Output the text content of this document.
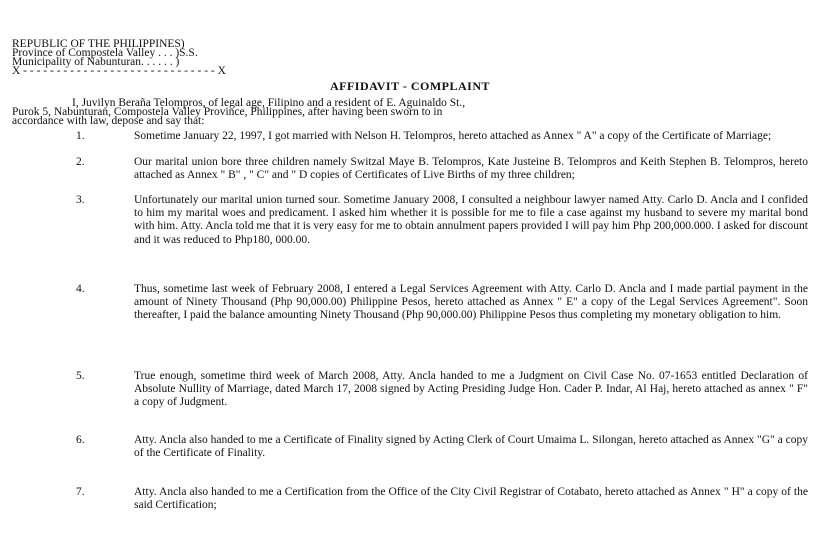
REPUBLIC OF THE PHILIPPINES)
Province of Compostela Valley . . . )S.S.
Municipality of Nabunturan. . . . . . )
X - - - - - - - - - - - - - - - - - - - - - - - - - - - - - X
AFFIDAVIT - COMPLAINT
I, Juvilyn Beraña Telompros, of legal age, Filipino and a resident of E. Aguinaldo St.,
Purok 5, Nabunturan, Compostela Valley Province, Philippines, after having been sworn to in
accordance with law, depose and say that:
1.	Sometime January 22, 1997, I got married with Nelson H. Telompros, hereto attached as Annex " A" a copy of the Certificate of Marriage;
2.	Our marital union bore three children namely Switzal Maye B. Telompros, Kate Justeine B. Telompros and Keith Stephen B. Telompros, hereto attached as Annex " B" , " C" and " D copies of Certificates of Live Births of my three children;
3.	Unfortunately our marital union turned sour. Sometime January 2008, I consulted a neighbour lawyer named Atty. Carlo D. Ancla and I confided to him my marital woes and predicament. I asked him whether it is possible for me to file a case against my husband to severe my marital bond with him. Atty. Ancla told me that it is very easy for me to obtain annulment papers provided I will pay him Php 200,000.000. I asked for discount and it was reduced to Php180, 000.00.
4.	Thus, sometime last week of February 2008, I entered a Legal Services Agreement with Atty. Carlo D. Ancla and I made partial payment in the amount of Ninety Thousand (Php 90,000.00) Philippine Pesos, hereto attached as Annex " E" a copy of the Legal Services Agreement". Soon thereafter, I paid the balance amounting Ninety Thousand (Php 90,000.00) Philippine Pesos thus completing my monetary obligation to him.
5.	True enough, sometime third week of March 2008, Atty. Ancla handed to me a Judgment on Civil Case No. 07-1653 entitled Declaration of Absolute Nullity of Marriage, dated March 17, 2008 signed by Acting Presiding Judge Hon. Cader P. Indar, Al Haj, hereto attached as annex " F" a copy of Judgment.
6.	Atty. Ancla also handed to me a Certificate of Finality signed by Acting Clerk of Court Umaima L. Silongan, hereto attached as Annex "G" a copy of the Certificate of Finality.
7.	Atty. Ancla also handed to me a Certification from the Office of the City Civil Registrar of Cotabato, hereto attached as Annex " H" a copy of the said Certification;
